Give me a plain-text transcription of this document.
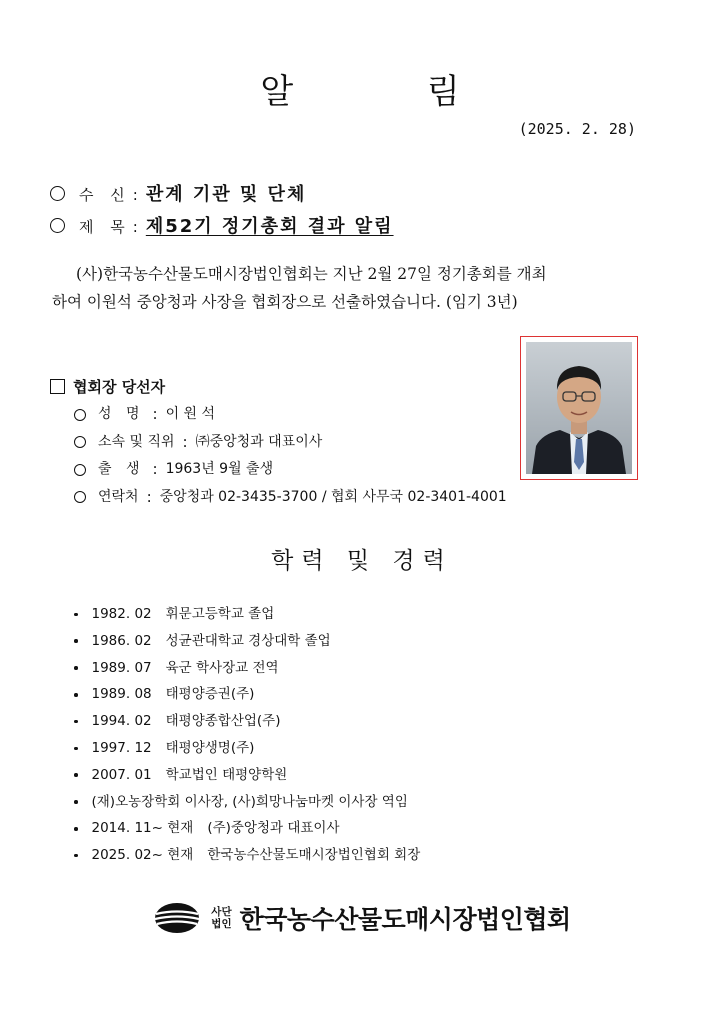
알	림
(2025. 2. 28)
수 신 : 관계 기관 및 단체
제 목 : 제52기 정기총회 결과 알림

(사)한국농수산물도매시장법인협회는 지난 2월 27일 정기총회를 개최

하여 이원석 중앙청과 사장을 협회장으로 선출하였습니다. (임기 3년)

협회장 당선자
성 명 : 이 원 석
소속 및 직위 : ㈜중앙청과 대표이사
출 생 : 1963년 9월 출생
연락처 : 중앙청과 02-3435-3700 / 협회 사무국 02-3401-4001
학력 및 경력
1982. 02 휘문고등학교 졸업
1986. 02 성균관대학교 경상대학 졸업
1989. 07 육군 학사장교 전역
1989. 08 태평양증권(주)
1994. 02 태평양종합산업(주)
1997. 12 태평양생명(주)
2007. 01 학교법인 태평양학원
(재)오농장학회 이사장, (사)희망나눔마켓 이사장 역임
2014. 11~ 현재 (주)중앙청과 대표이사
2025. 02~ 현재 한국농수산물도매시장법인협회 회장
사단
법인 한국농수산물도매시장법인협회
